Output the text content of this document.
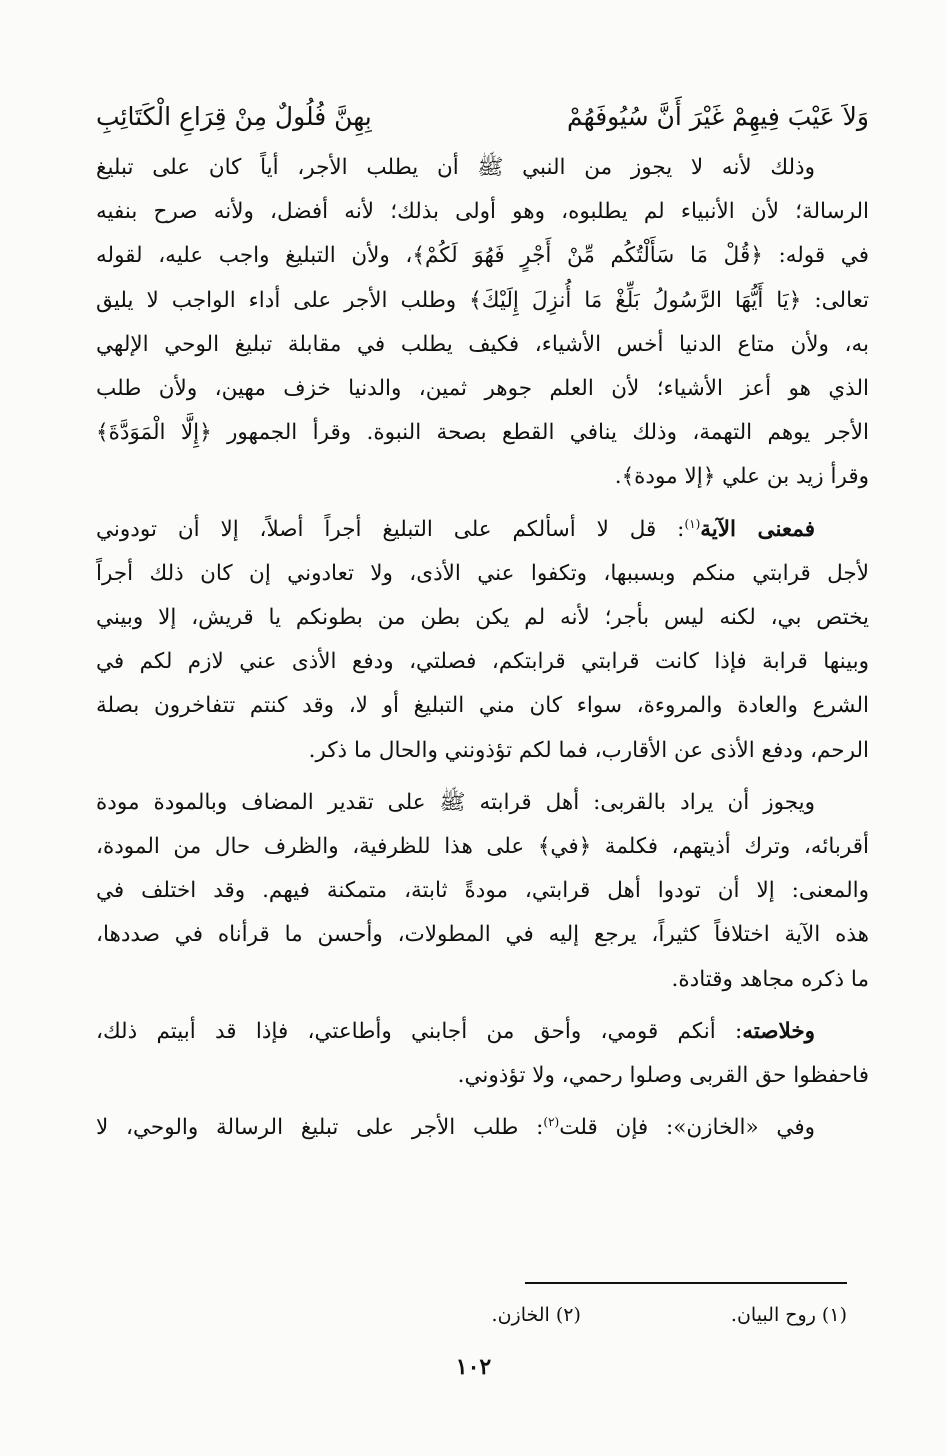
وَلاَ عَيْبَ فِيهِمْ غَيْرَ أَنَّ سُيُوفَهُمْ
بِهِنَّ فُلُولٌ مِنْ قِرَاعِ الْكَتَائِبِ
وذلك لأنه لا يجوز من النبي ﷺ أن يطلب الأجر، أياً كان على تبليغ
الرسالة؛ لأن الأنبياء لم يطلبوه، وهو أولى بذلك؛ لأنه أفضل، ولأنه صرح بنفيه
في قوله: ﴿قُلْ مَا سَأَلْتُكُم مِّنْ أَجْرٍ فَهُوَ لَكُمْ﴾، ولأن التبليغ واجب عليه، لقوله
تعالى: ﴿يَا أَيُّهَا الرَّسُولُ بَلِّغْ مَا أُنزِلَ إِلَيْكَ﴾ وطلب الأجر على أداء الواجب لا يليق
به، ولأن متاع الدنيا أخس الأشياء، فكيف يطلب في مقابلة تبليغ الوحي الإلهي
الذي هو أعز الأشياء؛ لأن العلم جوهر ثمين، والدنيا خزف مهين، ولأن طلب
الأجر يوهم التهمة، وذلك ينافي القطع بصحة النبوة. وقرأ الجمهور ﴿إِلَّا الْمَوَدَّةَ﴾
وقرأ زيد بن علي ﴿إلا مودة﴾.
فمعنى الآية$^{(١)}$: قل لا أسألكم على التبليغ أجراً أصلاً، إلا أن تودوني
لأجل قرابتي منكم وبسببها، وتكفوا عني الأذى، ولا تعادوني إن كان ذلك أجراً
يختص بي، لكنه ليس بأجر؛ لأنه لم يكن بطن من بطونكم يا قريش، إلا وبيني
وبينها قرابة فإذا كانت قرابتي قرابتكم، فصلتي، ودفع الأذى عني لازم لكم في
الشرع والعادة والمروءة، سواء كان مني التبليغ أو لا، وقد كنتم تتفاخرون بصلة
الرحم، ودفع الأذى عن الأقارب، فما لكم تؤذونني والحال ما ذكر.
ويجوز أن يراد بالقربى: أهل قرابته ﷺ على تقدير المضاف وبالمودة مودة
أقربائه، وترك أذيتهم، فكلمة ﴿في﴾ على هذا للظرفية، والظرف حال من المودة،
والمعنى: إلا أن تودوا أهل قرابتي، مودةً ثابتة، متمكنة فيهم. وقد اختلف في
هذه الآية اختلافاً كثيراً، يرجع إليه في المطولات، وأحسن ما قرأناه في صددها،
ما ذكره مجاهد وقتادة.
وخلاصته: أنكم قومي، وأحق من أجابني وأطاعتي، فإذا قد أبيتم ذلك،
فاحفظوا حق القربى وصلوا رحمي، ولا تؤذوني.
وفي «الخازن»: فإن قلت$^{(٢)}$: طلب الأجر على تبليغ الرسالة والوحي، لا
(١) روح البيان.
(٢) الخازن.
١٠٢
